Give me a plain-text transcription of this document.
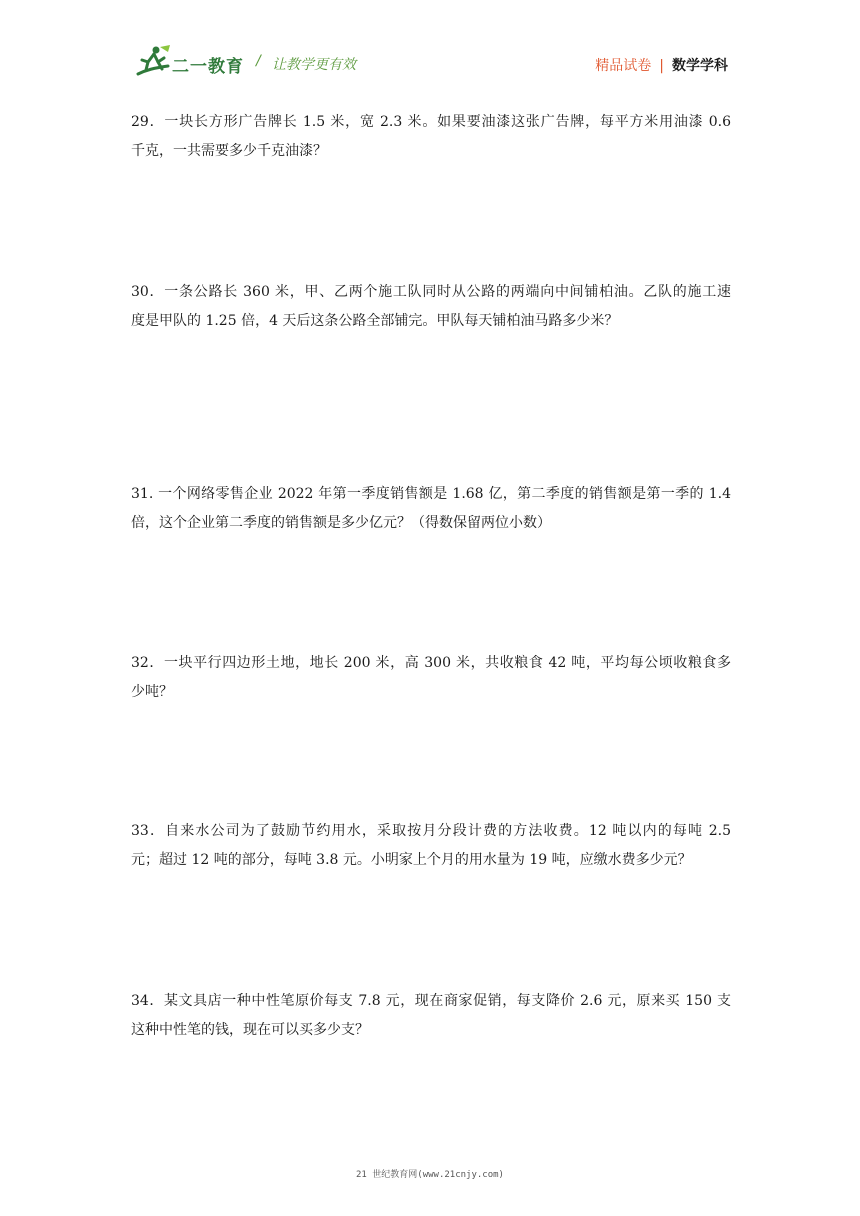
二一教育 / 让教学更有效	精品试卷 | 数学学科
29．一块长方形广告牌长 1.5 米，宽 2.3 米。如果要油漆这张广告牌，每平方米用油漆 0.6
千克，一共需要多少千克油漆？
30．一条公路长 360 米，甲、乙两个施工队同时从公路的两端向中间铺柏油。乙队的施工速
度是甲队的 1.25 倍，4 天后这条公路全部铺完。甲队每天铺柏油马路多少米？
31. 一个网络零售企业 2022 年第一季度销售额是 1.68 亿，第二季度的销售额是第一季的 1.4
倍，这个企业第二季度的销售额是多少亿元？（得数保留两位小数）
32．一块平行四边形土地，地长 200 米，高 300 米，共收粮食 42 吨，平均每公顷收粮食多
少吨？
33．自来水公司为了鼓励节约用水，采取按月分段计费的方法收费。12 吨以内的每吨 2.5
元；超过 12 吨的部分，每吨 3.8 元。小明家上个月的用水量为 19 吨，应缴水费多少元？
34．某文具店一种中性笔原价每支 7.8 元，现在商家促销，每支降价 2.6 元，原来买 150 支
这种中性笔的钱，现在可以买多少支？
21 世纪教育网(www.21cnjy.com)
